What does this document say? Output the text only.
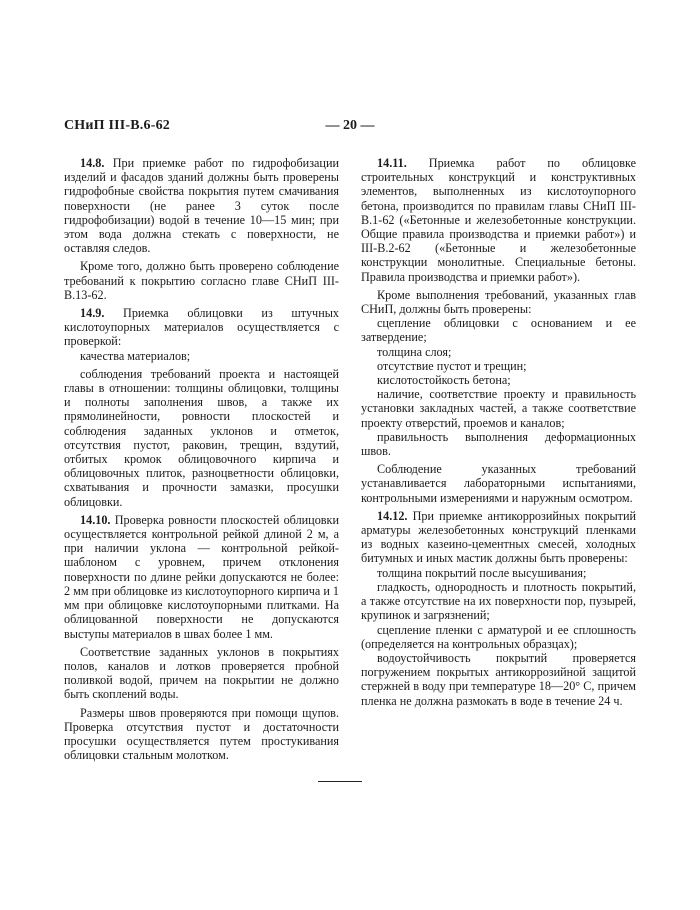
СНиП III-В.6-62	— 20 —

14.8. При приемке работ по гидрофобизации изделий и фасадов зданий должны быть проверены гидрофобные свойства покрытия путем смачивания поверхности (не ранее 3 суток после гидрофобизации) водой в течение 10—15 мин; при этом вода должна стекать с поверхности, не оставляя следов.

Кроме того, должно быть проверено соблюдение требований к покрытию согласно главе СНиП III-В.13-62.

14.9. Приемка облицовки из штучных кислотоупорных материалов осуществляется с проверкой:

качества материалов;

соблюдения требований проекта и настоящей главы в отношении: толщины облицовки, толщины и полноты заполнения швов, а также их прямолинейности, ровности плоскостей и соблюдения заданных уклонов и отметок, отсутствия пустот, раковин, трещин, вздутий, отбитых кромок облицовочного кирпича и облицовочных плиток, разноцветности облицовки, схватывания и прочности замазки, просушки облицовки.

14.10. Проверка ровности плоскостей облицовки осуществляется контрольной рейкой длиной 2 м, а при наличии уклона — контрольной рейкой-шаблоном с уровнем, причем отклонения поверхности по длине рейки допускаются не более: 2 мм при облицовке из кислотоупорного кирпича и 1 мм при облицовке кислотоупорными плитками. На облицованной поверхности не допускаются выступы материалов в швах более 1 мм.

Соответствие заданных уклонов в покрытиях полов, каналов и лотков проверяется пробной поливкой водой, причем на покрытии не должно быть скоплений воды.

Размеры швов проверяются при помощи щупов. Проверка отсутствия пустот и достаточности просушки осуществляется путем простукивания облицовки стальным молотком.

14.11. Приемка работ по облицовке строительных конструкций и конструктивных элементов, выполненных из кислотоупорного бетона, производится по правилам главы СНиП III-В.1-62 («Бетонные и железобетонные конструкции. Общие правила производства и приемки работ») и III-В.2-62 («Бетонные и железобетонные конструкции монолитные. Специальные бетоны. Правила производства и приемки работ»).

Кроме выполнения требований, указанных глав СНиП, должны быть проверены:

сцепление облицовки с основанием и ее затвердение;

толщина слоя;

отсутствие пустот и трещин;

кислотостойкость бетона;

наличие, соответствие проекту и правильность установки закладных частей, а также соответствие проекту отверстий, проемов и каналов;

правильность выполнения деформационных швов.

Соблюдение указанных требований устанавливается лабораторными испытаниями, контрольными измерениями и наружным осмотром.

14.12. При приемке антикоррозийных покрытий арматуры железобетонных конструкций пленками из водных казеино-цементных смесей, холодных битумных и иных мастик должны быть проверены:

толщина покрытий после высушивания;

гладкость, однородность и плотность покрытий, а также отсутствие на их поверхности пор, пузырей, крупинок и загрязнений;

сцепление пленки с арматурой и ее сплошность (определяется на контрольных образцах);

водоустойчивость покрытий проверяется погружением покрытых антикоррозийной защитой стержней в воду при температуре 18—20° С, причем пленка не должна размокать в воде в течение 24 ч.
